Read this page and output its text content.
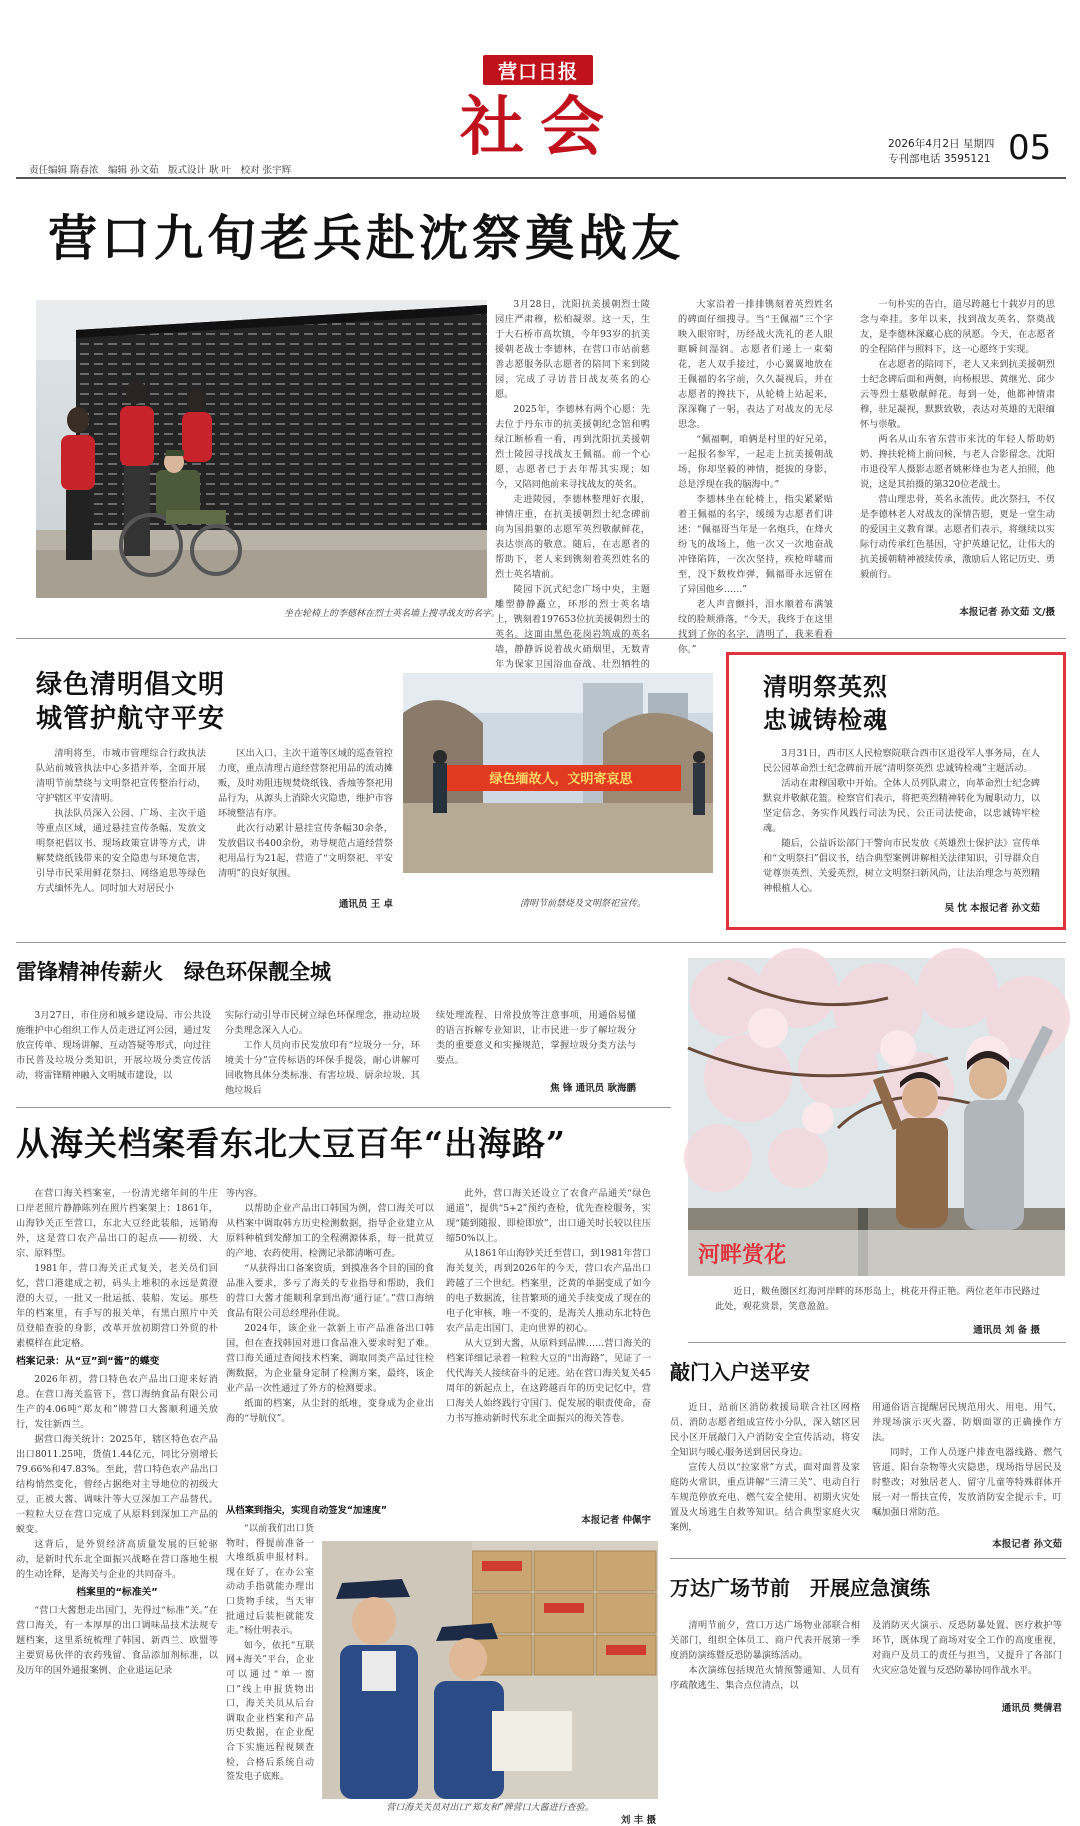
营口日报
社会	2026年4月2日 星期四
专刊部电话 3595121 05
责任编辑 隋春浓　编辑 孙文茹　版式设计 耿 叶　校对 张宇辉
营口九旬老兵赴沈祭奠战友
坐在轮椅上的李德林在烈士英名墙上搜寻战友的名字。

3月28日，沈阳抗美援朝烈士陵园庄严肃穆，松柏凝翠。这一天，生于大石桥市高坎镇，今年93岁的抗美援朝老战士李德林，在营口市站前慈善志愿服务队志愿者的陪同下来到陵园，完成了寻访昔日战友英名的心愿。

2025年，李德林有两个心愿：先去位于丹东市的抗美援朝纪念馆和鸭绿江断桥看一看，再到沈阳抗美援朝烈士陵园寻找战友王佩福。前一个心愿，志愿者已于去年帮其实现；如今，又陪同他前来寻找战友的英名。

走进陵园，李德林整理好衣服，神情庄重，在抗美援朝烈士纪念碑前向为国捐躯的志愿军英烈敬献鲜花，表达崇高的敬意。随后，在志愿者的帮助下，老人来到镌刻着英烈姓名的烈士英名墙前。

陵园下沉式纪念广场中央，主题雕塑静静矗立，环形的烈士英名墙上，镌刻着197653位抗美援朝烈士的英名。这面由黑色花岗岩筑成的英名墙，静静诉说着战火硝烟里，无数青年为保家卫国浴血奋战、壮烈牺牲的

大家沿着一排排镌刻着英烈姓名的碑面仔细搜寻。当“王佩福”三个字映入眼帘时，历经战火洗礼的老人眼眶瞬间湿润。志愿者们递上一束菊花，老人双手接过，小心翼翼地放在王佩福的名字前，久久凝视后，并在志愿者的搀扶下，从轮椅上站起来，深深鞠了一躬，表达了对战友的无尽思念。

“佩福啊，咱俩是村里的好兄弟，一起报名参军，一起走上抗美援朝战场，你却坚毅的神情，挺拔的身影，总是浮现在我的脑海中。”

李德林坐在轮椅上，指尖紧紧贴着王佩福的名字，缓缓为志愿者们讲述：“佩福哥当年是一名炮兵，在烽火纷飞的战场上，他一次又一次地奋战冲锋陷阵，一次次坚持，疾枪咩啸而至，没下数枚炸弹，佩福哥永远留在了异国他乡……”

老人声音颤抖，泪水顺着布满皱纹的脸颊滑落，“今天，我终于在这里找到了你的名字，清明了，我来看看你。”

一句朴实的告白，道尽跨越七十载岁月的思念与牵挂。多年以来，找到战友英名、祭奠战友，是李德林深藏心底的夙愿。今天，在志愿者的全程陪伴与照料下，这一心愿终于实现。

在志愿者的陪同下，老人又来到抗美援朝烈士纪念碑后面和两侧，向杨根思、黄继光、邱少云等烈士墓敬献鲜花。每到一处，他都神情肃穆，驻足凝视，默默致敬，表达对英雄的无限缅怀与崇敬。

两名从山东省东营市来沈的年轻人帮助奶奶、搀扶轮椅上前问候，与老人合影留念。沈阳市退役军人摄影志愿者姚彬烽也为老人拍照，他说，这是其拍摄的第320位老战士。

营山理忠骨，英名永流传。此次祭扫，不仅是李德林老人对战友的深情告慰，更是一堂生动的爱国主义教育课。志愿者们表示，将继续以实际行动传承红色基因，守护英雄记忆，让伟大的抗美援朝精神被续传承，激励后人铭记历史、勇毅前行。

本报记者 孙文茹 文/摄
绿色清明倡文明
城管护航守平安

清明将至，市城市管理综合行政执法队站前城管执法中心多措并举，全面开展清明节前禁绕与文明祭祀宣传整治行动，守护辖区平安清明。

执法队员深入公园、广场、主次干道等重点区域，通过悬挂宣传条幅、发放文明祭祀倡议书、现场政策宣讲等方式，讲解焚烧纸钱带来的安全隐患与环境危害，引导市民采用鲜花祭扫、网络追思等绿色方式缅怀先人。同时加大对居民小

区出入口、主次干道等区域的巡查管控力度，重点清理占道经营祭祀用品的流动摊贩，及时劝阻违规焚烧纸钱、香烛等祭祀用品行为，从源头上消除火灾隐患，维护市容环境整洁有序。

此次行动累计悬挂宣传条幅30余条，发放倡议书400余份，劝导规范占道经营祭祀用品行为21起，营造了“文明祭祀、平安清明”的良好氛围。

通讯员 王 卓
绿色缅故人，文明寄哀思
清明节前禁烧及文明祭祀宣传。
清明祭英烈
忠诚铸检魂

3月31日，西市区人民检察院联合西市区退役军人事务局，在人民公园革命烈士纪念碑前开展“清明祭英烈 忠诚铸检魂”主题活动。

活动在肃穆国歌中开始。全体人员列队肃立，向革命烈士纪念碑默哀并敬献花篮。检察官们表示，将把英烈精神转化为履职动力，以坚定信念、务实作风践行司法为民、公正司法使命，以忠诚铸牢检魂。

随后，公益诉讼部门干警向市民发放《英雄烈士保护法》宣传单和“文明祭扫”倡议书，结合典型案例讲解相关法律知识，引导群众自觉尊崇英烈、关爱英烈，树立文明祭扫新风尚，让法治理念与英烈精神根植人心。

吴 忱 本报记者 孙文茹
雷锋精神传薪火　绿色环保靓全城

3月27日，市住房和城乡建设局、市公共设施维护中心组织工作人员走进辽河公园，通过发放宣传单、现场讲解、互动答疑等形式，向过往市民普及垃圾分类知识，开展垃圾分类宣传活动，将雷锋精神融入文明城市建设，以

实际行动引导市民树立绿色环保理念，推动垃圾分类理念深入人心。

工作人员向市民发放印有“垃圾分一分，环境美十分”宣传标语的环保手提袋，耐心讲解可回收物具体分类标准、有害垃圾、厨余垃圾、其他垃圾后

续处理流程、日常投放等注意事项，用通俗易懂的语言拆解专业知识，让市民进一步了解垃圾分类的重要意义和实操规范，掌握垃圾分类方法与要点。

焦 锋 通讯员 耿海鹏
河畔赏花

近日，鲅鱼圈区红海河岸畔的环形岛上，桃花开得正艳。两位老年市民路过此处，观花赏景，笑意盈盈。

通讯员 刘 备 摄
从海关档案看东北大豆百年“出海路”

在营口海关档案室，一份清光绪年间的牛庄口岸老照片静静陈列在照片档案架上：1861年，山海钞关正至营口，东北大豆经此装船，远销海外，这是营口农产品出口的起点——初级、大宗、原料型。

1981年，营口海关正式复关，老关员们回忆，营口港建成之初，码头上堆积的永远是黄澄澄的大豆，一批又一批运抵、装船、发运。那些年的档案里，有手写的报关单，有黑白照片中关员登船查验的身影，改革开放初期营口外贸的朴素模样在此定格。

档案记录：从“豆”到“酱”的蝶变

2026年初，营口特色农产品出口迎来好消息。在营口海关监管下，营口海纳食品有限公司生产的4.06吨“郑友和”牌营口大酱顺利通关放行，发往新西兰。

据营口海关统计：2025年，辖区特色农产品出口8011.25吨，货值1.44亿元，同比分别增长79.66%和47.83%。至此，营口特色农产品出口结构悄然变化，曾经占据绝对主导地位的初级大豆，正被大酱、调味汁等大豆深加工产品替代。一粒粒大豆在营口完成了从原料到深加工产品的蜕变。

这背后，是外贸经济高质量发展的巨轮驱动，是新时代东北全面振兴战略在营口落地生根的生动诠释，是海关与企业的共同奋斗。

档案里的“标准关”

“营口大酱想走出国门，先得过“标准”关。”在营口海关，有一本厚厚的出口调味品技术法规专题档案，这里系统梳理了韩国、新西兰、欧盟等主要贸易伙伴的农药残留、食品添加剂标准，以及历年的国外通报案例、企业退运记录

等内容。

以帮助企业产品出口韩国为例，营口海关可以从档案中调取韩方历史检测数据，指导企业建立从原料种植到发酵加工的全程溯源体系，每一批黄豆的产地、农药使用、检测记录都清晰可查。

“从获得出口备案资质，到摸准各个目的国的食品准入要求，多亏了海关的专业指导和帮助，我们的营口大酱才能顺利拿到出海‘通行证’。”营口海纳食品有限公司总经理孙佳说。

2024年，该企业一款新上市产品准备出口韩国，但在查找韩国对进口食品准入要求时犯了难。营口海关通过查阅技术档案，调取同类产品过往检测数据，为企业量身定制了检测方案，最终，该企业产品一次性通过了外方的检测要求。

纸面的档案，从尘封的纸堆，变身成为企业出海的“导航仪”。

从档案到指尖，实现自动签发“加速度”

“以前我们出口货物时，得提前准备一大堆纸质申报材料。现在好了，在办公室动动手指就能办理出口货物手续，当天审批通过后装柜就能发走。”杨仕明表示。

如今，依托“互联网+海关”平台，企业可以通过“单一窗口”线上申报货物出口，海关关员从后台调取企业档案和产品历史数据，在企业配合下实施远程视频查检，合格后系统自动签发电子底账。

此外，营口海关还设立了农食产品通关“绿色通道”，提供“5+2”预约查检，优先查检服务，实现“随到随报、即检即放”，出口通关时长较以往压缩50%以上。

从1861年山海钞关迁至营口，到1981年营口海关复关，再到2026年的今天，营口农产品出口跨越了三个世纪。档案里，泛黄的单据变成了如今的电子数据流，往昔繁琐的通关手续变成了现在的电子化审核，唯一不变的，是海关人推动东北特色农产品走出国门、走向世界的初心。

从大豆到大酱，从原料到品牌……营口海关的档案详细记录着一粒粒大豆的“出海路”，见证了一代代海关人接续奋斗的足迹。站在营口海关复关45周年的新起点上，在这跨越百年的历史记忆中，营口海关人始终践行守国门、促发展的职责使命，奋力书写推动新时代东北全面振兴的海关答卷。

本报记者 仲佩宇
营口海关关员对出口“郑友和”牌营口大酱进行查验。
刘 丰 摄
敲门入户送平安

近日，站前区消防救援局联合社区网格员、消防志愿者组成宣传小分队，深入辖区居民小区开展敲门入户消防安全宣传活动，将安全知识与暖心服务送到居民身边。

宣传人员以“拉家常”方式，面对面普及家庭防火常识，重点讲解“三清三关”、电动自行车规范停放充电、燃气安全使用、初期火灾处置及火场逃生自救等知识。结合典型家庭火灾案例，

用通俗语言提醒居民规范用火、用电、用气，并现场演示灭火器、防烟面罩的正确操作方法。

同时，工作人员逐户排查电器线路、燃气管道、阳台杂物等火灾隐患，现场指导居民及时整改；对独居老人、留守儿童等特殊群体开展一对一帮扶宣传，发放消防安全提示卡，叮嘱加强日常防范。

本报记者 孙文茹
万达广场节前　开展应急演练

清明节前夕，营口万达广场物业部联合相关部门，组织全体员工、商户代表开展第一季度消防演练暨反恐防暴演练活动。

本次演练包括规范火情预警通知、人员有序疏散逃生、集合点位清点，以

及消防灭火演示、反恐防暴处置、医疗救护等环节，既体现了商场对安全工作的高度重视，对商户及员工的责任与担当，又提升了各部门火灾应急处置与反恐防暴协同作战水平。

通讯员 樊倩君
